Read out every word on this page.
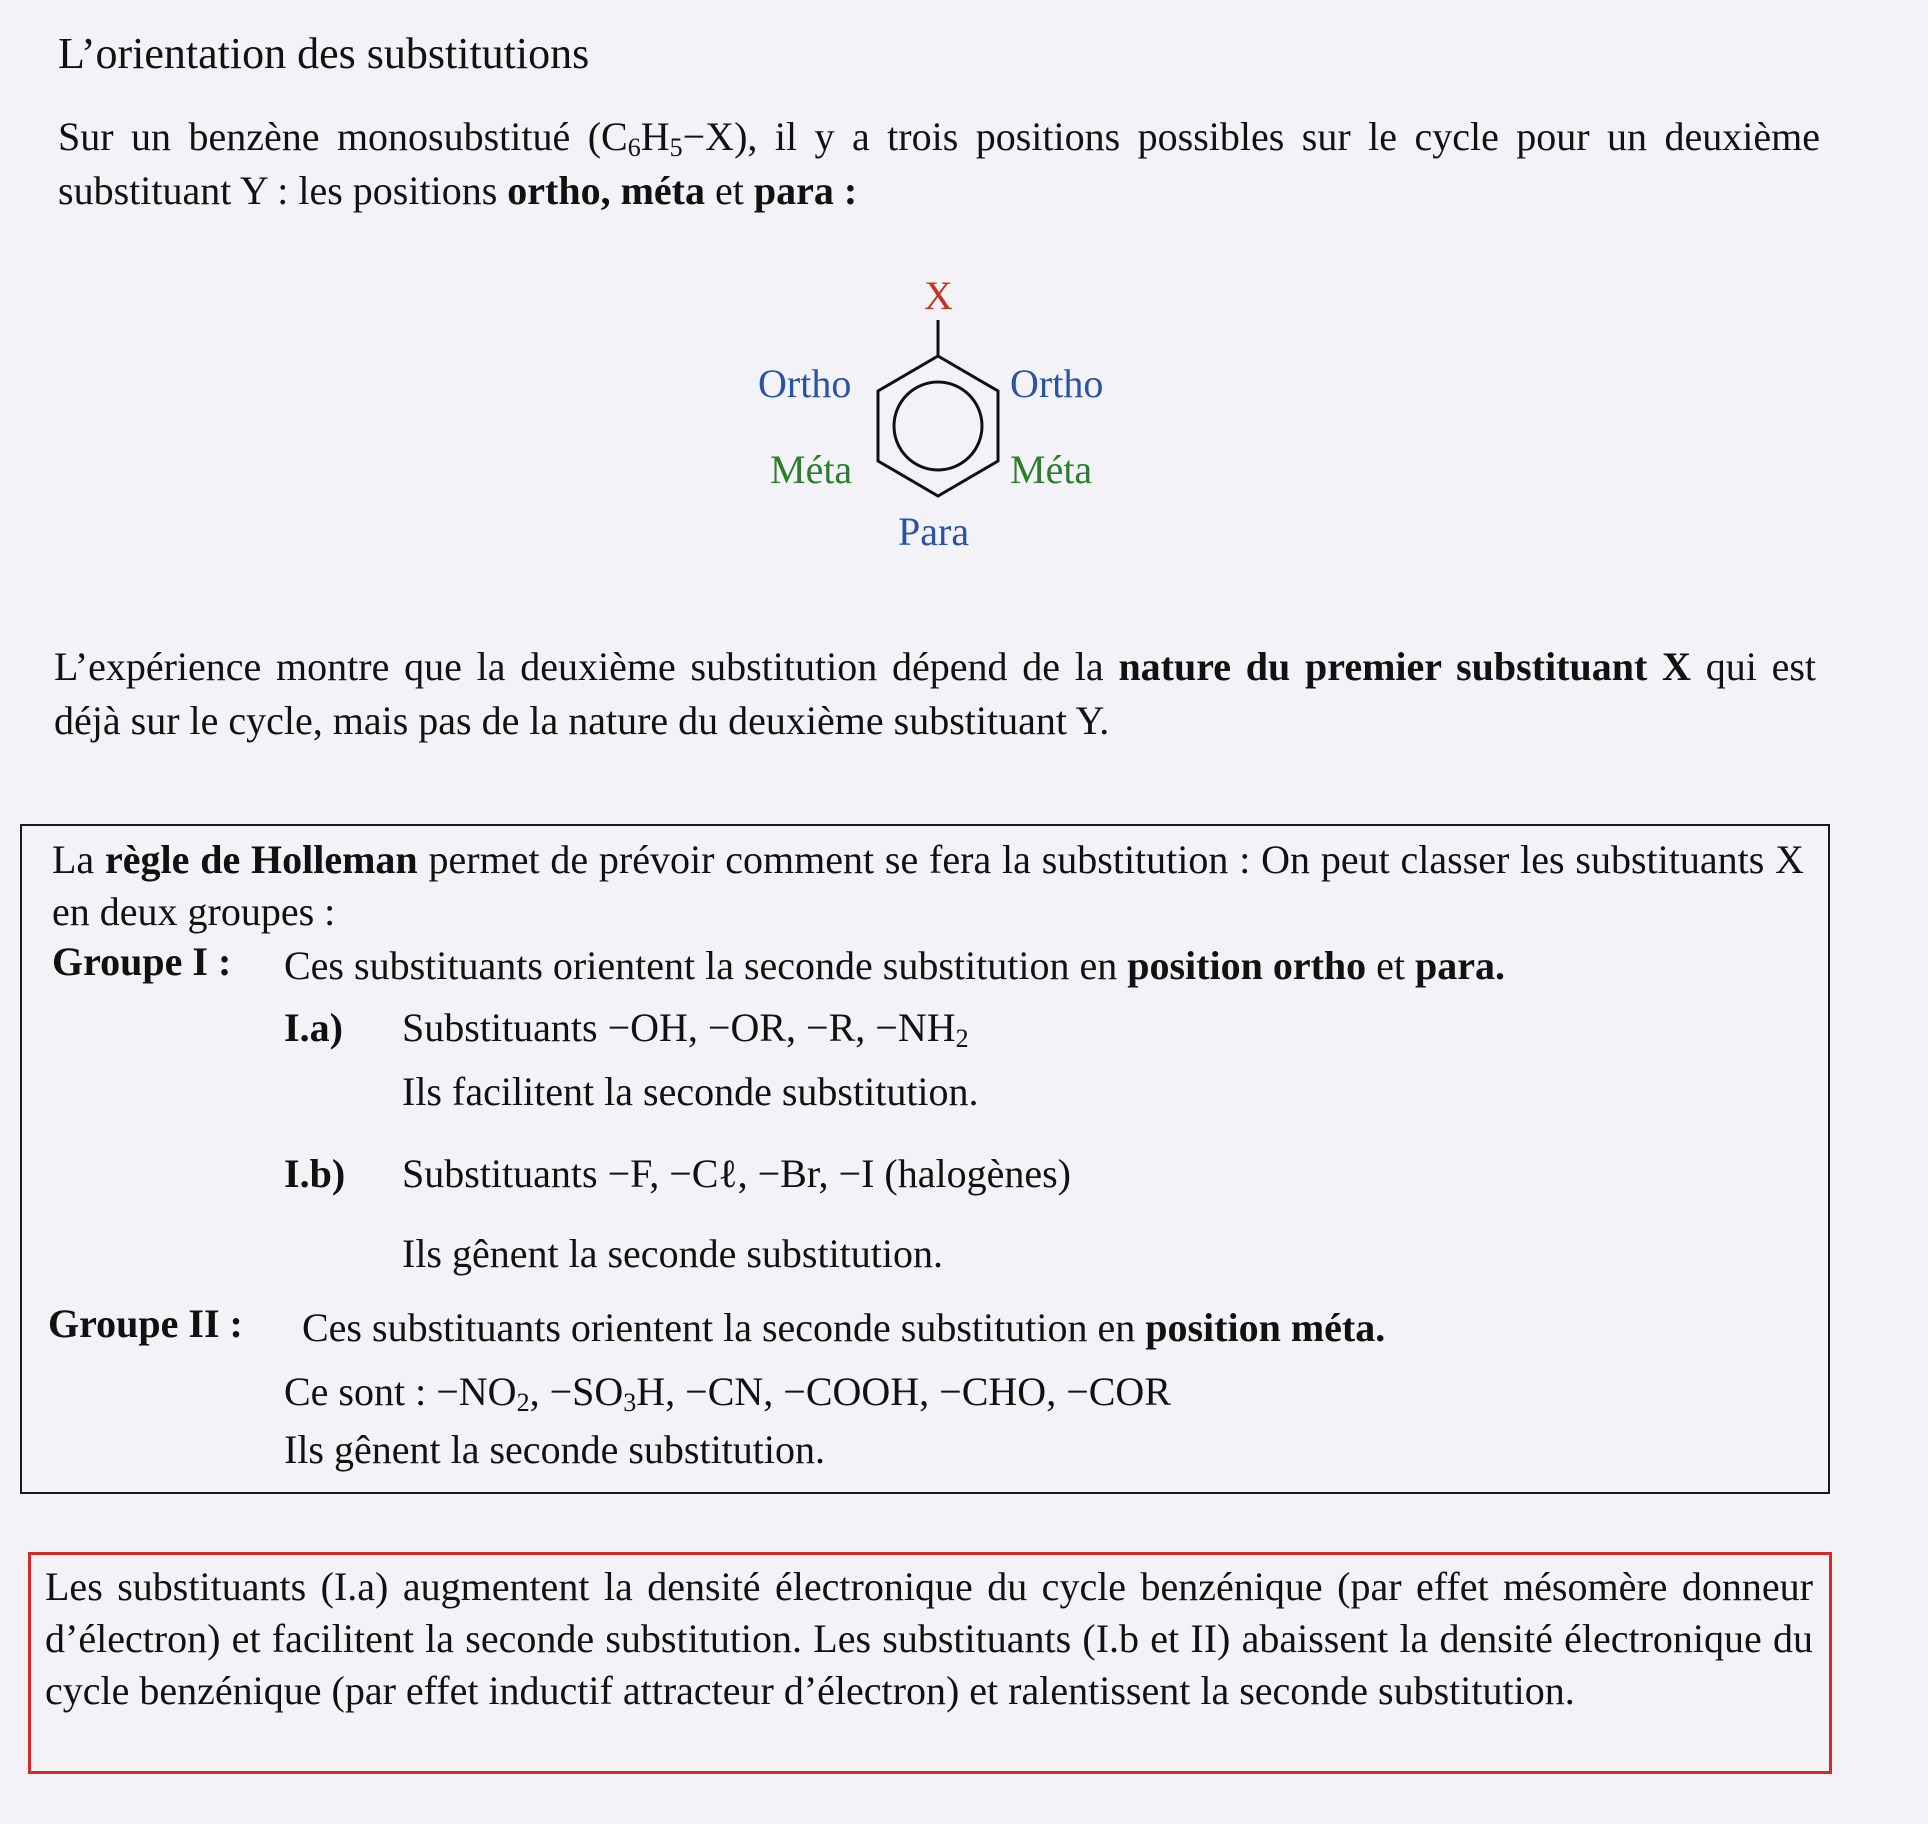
L’orientation des substitutions
Sur un benzène monosubstitué $(C_6H_5-X)$, il y a trois positions possibles sur le cycle pour un deuxième substituant Y : les positions ortho, méta et para :
X
Ortho	Ortho
Méta	Méta
Para
L’expérience montre que la deuxième substitution dépend de la nature du premier substituant X qui est déjà sur le cycle, mais pas de la nature du deuxième substituant Y.
La règle de Holleman permet de prévoir comment se fera la substitution : On peut classer les substituants X en deux groupes :
Groupe I : Ces substituants orientent la seconde substitution en position ortho et para.
I.a) Substituants −OH, −OR, −R, $-NH_2$
Ils facilitent la seconde substitution.
I.b) Substituants −F, −Cℓ, −Br, −I (halogènes)
Ils gênent la seconde substitution.
Groupe II : Ces substituants orientent la seconde substitution en position méta.
Ce sont : $-NO_2$, $-SO_3H$, −CN, −COOH, −CHO, −COR
Ils gênent la seconde substitution.
Les substituants (I.a) augmentent la densité électronique du cycle benzénique (par effet mésomère donneur d’électron) et facilitent la seconde substitution. Les substituants (I.b et II) abaissent la densité électronique du cycle benzénique (par effet inductif attracteur d’électron) et ralentissent la seconde substitution.
